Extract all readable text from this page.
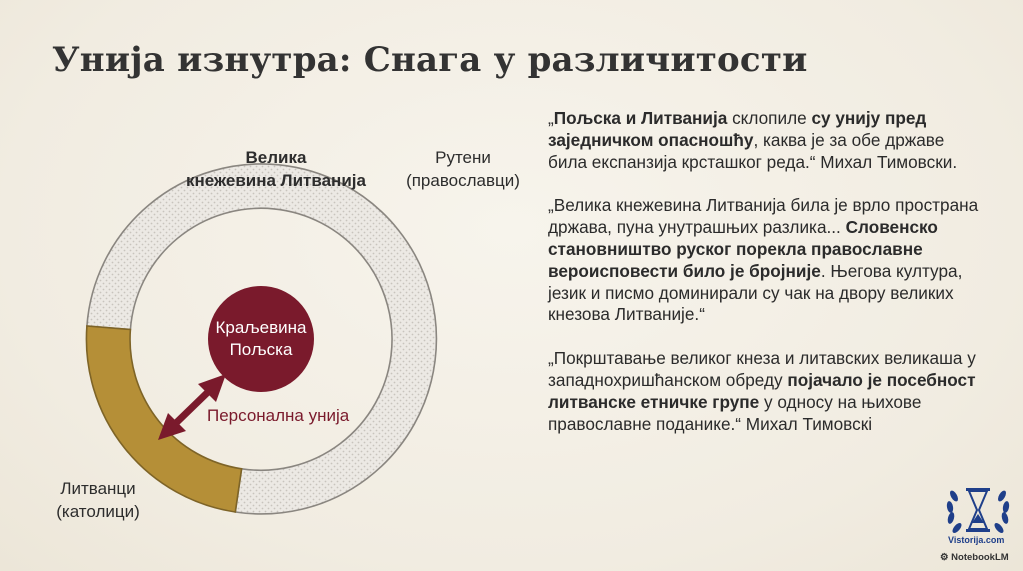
Унија изнутра: Снага у различитости
Велика
кнежевина Литванија
Рутени
(православци)
Литванци
(католици)
Краљевина
Пољска
Персонална унија

„Пољска и Литванија склопиле су унију пред заједничком опасношћу, каква је за обе државе била експанзија крсташког реда.“ Михал Тимовски.

„Велика кнежевина Литванија била је врло пространа држава, пуна унутрашњих разлика... Словенско становништво руског порекла православне вероисповести било је бројније. Његова култура, језик и писмо доминирали су чак на двору великих кнезова Литваније.“

„Покрштавање великог кнеза и литавских великаша у западнохришћанском обреду појачало је посебност литванске етничке групе у односу на њихове православне поданике.“ Михал Тимовскі

Vistorija.com
⚙ NotebookLM
